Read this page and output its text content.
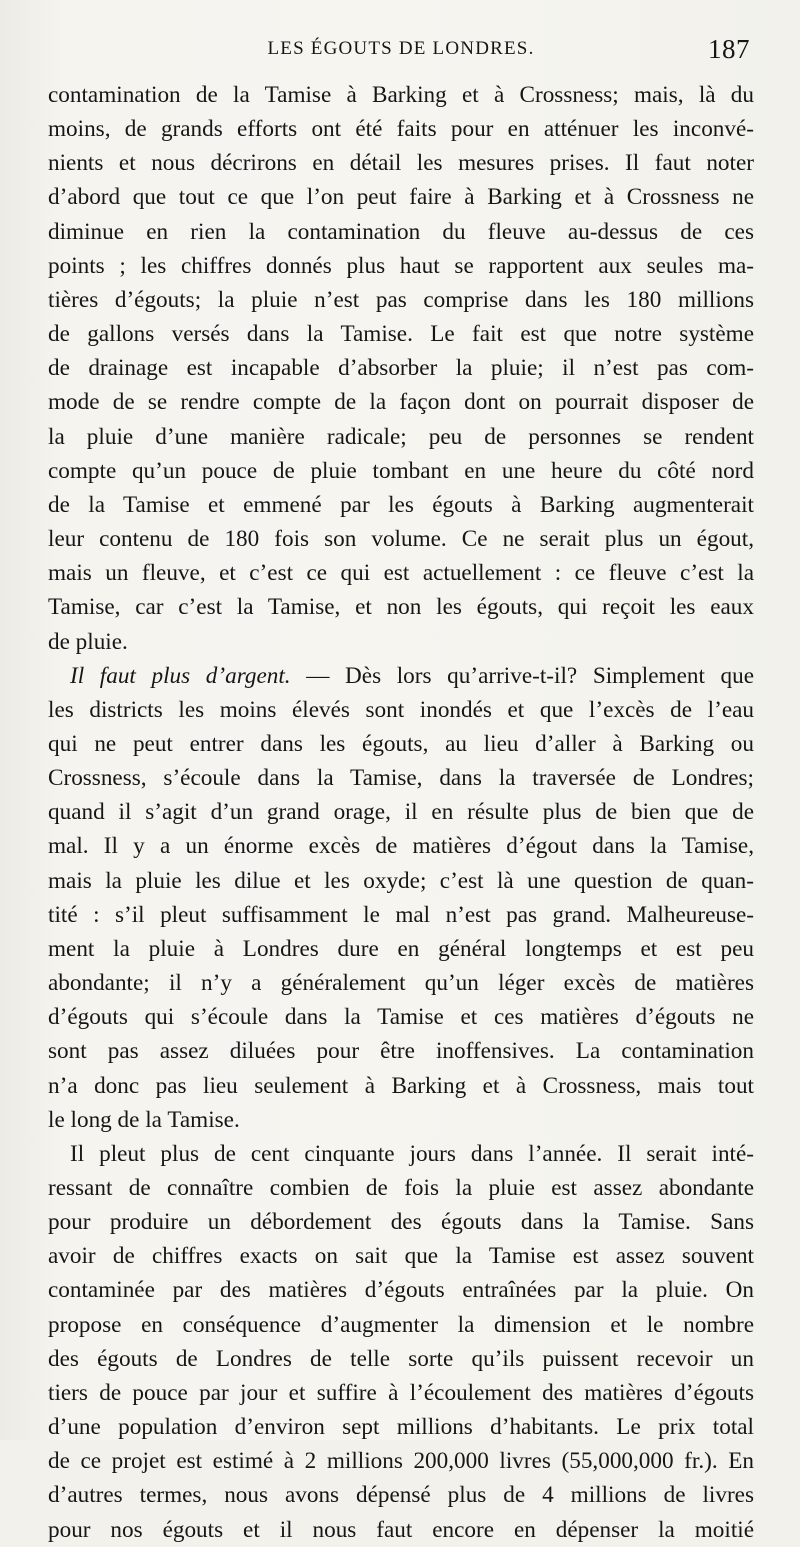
LES ÉGOUTS DE LONDRES.	187
contamination de la Tamise à Barking et à Crossness; mais, là du
moins, de grands efforts ont été faits pour en atténuer les inconvé-
nients et nous décrirons en détail les mesures prises. Il faut noter
d’abord que tout ce que l’on peut faire à Barking et à Crossness ne
diminue en rien la contamination du fleuve au-dessus de ces
points ; les chiffres donnés plus haut se rapportent aux seules ma-
tières d’égouts; la pluie n’est pas comprise dans les 180 millions
de gallons versés dans la Tamise. Le fait est que notre système
de drainage est incapable d’absorber la pluie; il n’est pas com-
mode de se rendre compte de la façon dont on pourrait disposer de
la pluie d’une manière radicale; peu de personnes se rendent
compte qu’un pouce de pluie tombant en une heure du côté nord
de la Tamise et emmené par les égouts à Barking augmenterait
leur contenu de 180 fois son volume. Ce ne serait plus un égout,
mais un fleuve, et c’est ce qui est actuellement : ce fleuve c’est la
Tamise, car c’est la Tamise, et non les égouts, qui reçoit les eaux
de pluie.
Il faut plus d’argent. — Dès lors qu’arrive-t-il? Simplement que
les districts les moins élevés sont inondés et que l’excès de l’eau
qui ne peut entrer dans les égouts, au lieu d’aller à Barking ou
Crossness, s’écoule dans la Tamise, dans la traversée de Londres;
quand il s’agit d’un grand orage, il en résulte plus de bien que de
mal. Il y a un énorme excès de matières d’égout dans la Tamise,
mais la pluie les dilue et les oxyde; c’est là une question de quan-
tité : s’il pleut suffisamment le mal n’est pas grand. Malheureuse-
ment la pluie à Londres dure en général longtemps et est peu
abondante; il n’y a généralement qu’un léger excès de matières
d’égouts qui s’écoule dans la Tamise et ces matières d’égouts ne
sont pas assez diluées pour être inoffensives. La contamination
n’a donc pas lieu seulement à Barking et à Crossness, mais tout
le long de la Tamise.
Il pleut plus de cent cinquante jours dans l’année. Il serait inté-
ressant de connaître combien de fois la pluie est assez abondante
pour produire un débordement des égouts dans la Tamise. Sans
avoir de chiffres exacts on sait que la Tamise est assez souvent
contaminée par des matières d’égouts entraînées par la pluie. On
propose en conséquence d’augmenter la dimension et le nombre
des égouts de Londres de telle sorte qu’ils puissent recevoir un
tiers de pouce par jour et suffire à l’écoulement des matières d’égouts
d’une population d’environ sept millions d’habitants. Le prix total
de ce projet est estimé à 2 millions 200,000 livres (55,000,000 fr.). En
d’autres termes, nous avons dépensé plus de 4 millions de livres
pour nos égouts et il nous faut encore en dépenser la moitié
